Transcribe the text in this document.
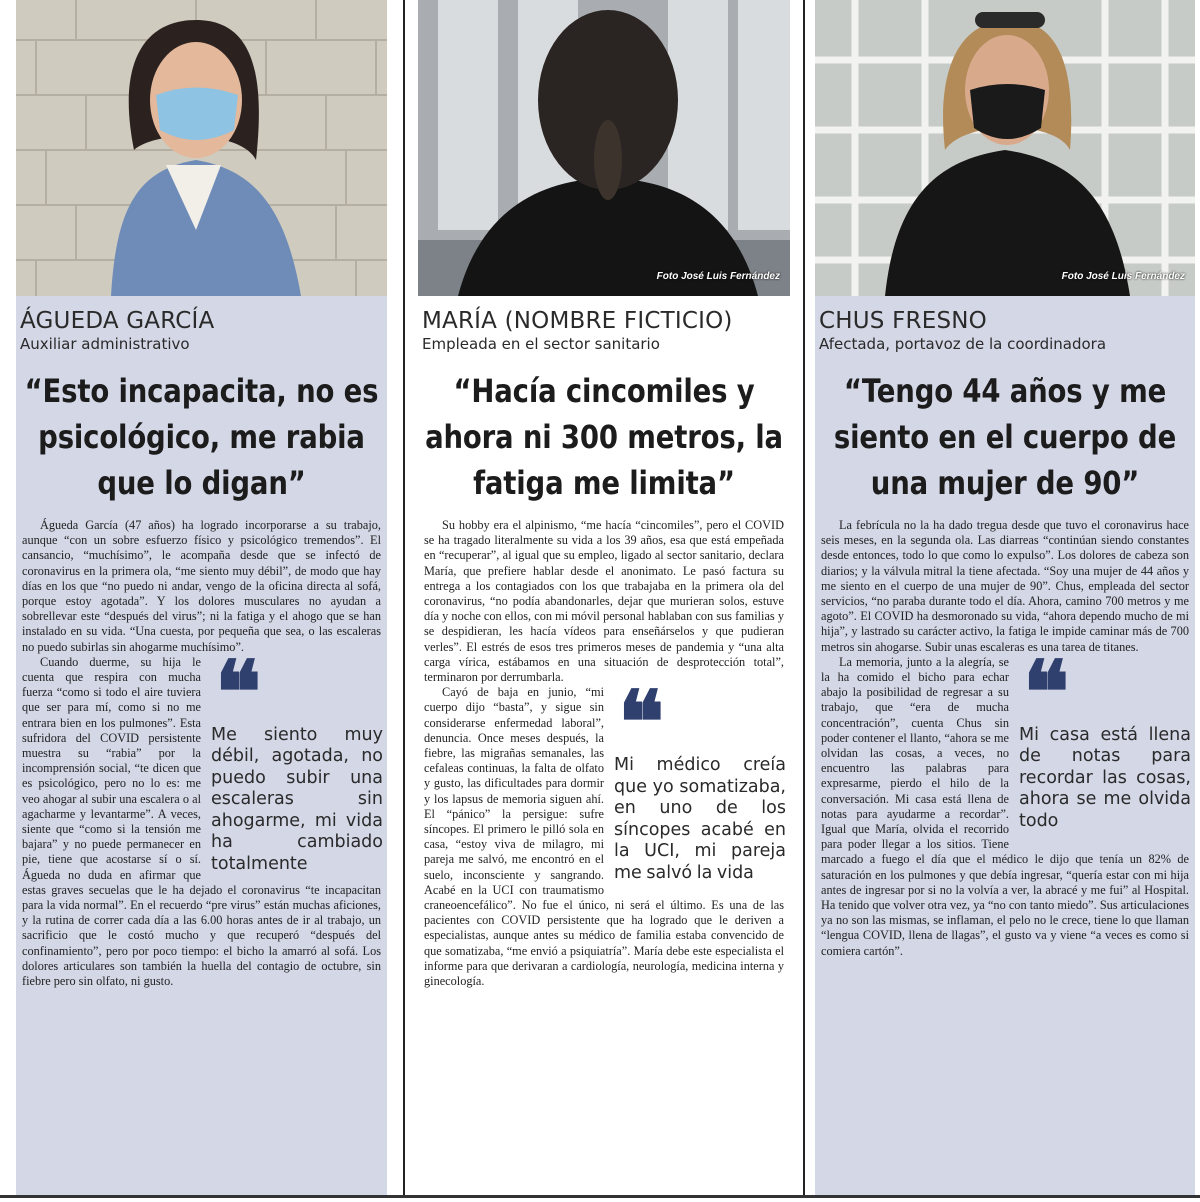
ÁGUEDA GARCÍA
Auxiliar administrativo
“Esto incapacita, no es psicológico, me rabia que lo digan”

Águeda García (47 años) ha logrado incorporarse a su trabajo, aunque “con un sobre esfuerzo físico y psicológico tremendos”. El cansancio, “muchísimo”, le acompaña desde que se infectó de coronavirus en la primera ola, “me siento muy débil”, de modo que hay días en los que “no puedo ni andar, vengo de la oficina directa al sofá, porque estoy agotada”. Y los dolores musculares no ayudan a sobrellevar este “después del virus”; ni la fatiga y el ahogo que se han instalado en su vida. “Una cuesta, por pequeña que sea, o las escaleras no puedo subirlas sin ahogarme muchísimo”.

❝
Me siento muy débil, agotada, no puedo subir una escaleras sin ahogarme, mi vida ha cambiado totalmente

Cuando duerme, su hija le cuenta que respira con mucha fuerza “como si todo el aire tuviera que ser para mí, como si no me entrara bien en los pulmones”. Esta sufridora del COVID persistente muestra su “rabia” por la incomprensión social, “te dicen que es psicológico, pero no lo es: me veo ahogar al subir una escalera o al agacharme y levantarme”. A veces, siente que “como si la tensión me bajara” y no puede permanecer en pie, tiene que acostarse sí o sí. Águeda no duda en afirmar que estas graves secuelas que le ha dejado el coronavirus “te incapacitan para la vida normal”. En el recuerdo “pre virus” están muchas aficiones, y la rutina de correr cada día a las 6.00 horas antes de ir al trabajo, un sacrificio que le costó mucho y que recuperó “después del confinamiento”, pero por poco tiempo: el bicho la amarró al sofá. Los dolores articulares son también la huella del contagio de octubre, sin fiebre pero sin olfato, ni gusto.

Foto José Luis Fernández
MARÍA (NOMBRE FICTICIO)
Empleada en el sector sanitario
“Hacía cincomiles y ahora ni 300 metros, la fatiga me limita”

Su hobby era el alpinismo, “me hacía “cincomiles”, pero el COVID se ha tragado literalmente su vida a los 39 años, esa que está empeñada en “recuperar”, al igual que su empleo, ligado al sector sanitario, declara María, que prefiere hablar desde el anonimato. Le pasó factura su entrega a los contagiados con los que trabajaba en la primera ola del coronavirus, “no podía abandonarles, dejar que murieran solos, estuve día y noche con ellos, con mi móvil personal hablaban con sus familias y se despidieran, les hacía vídeos para enseñárselos y que pudieran verles”. El estrés de esos tres primeros meses de pandemia y “una alta carga vírica, estábamos en una situación de desprotección total”, terminaron por derrumbarla. ❝
Mi médico creía que yo somatizaba, en uno de los síncopes acabé en la UCI, mi pareja me salvó la vida

Cayó de baja en junio, “mi cuerpo dijo “basta”, y sigue sin considerarse enfermedad laboral”, denuncia. Once meses después, la fiebre, las migrañas semanales, las cefaleas continuas, la falta de olfato y gusto, las dificultades para dormir y los lapsus de memoria siguen ahí. El “pánico” la persigue: sufre síncopes. El primero le pilló sola en casa, “estoy viva de milagro, mi pareja me salvó, me encontró en el suelo, inconsciente y sangrando. Acabé en la UCI con traumatismo craneoencefálico”. No fue el único, ni será el último. Es una de las pacientes con COVID persistente que ha logrado que le deriven a especialistas, aunque antes su médico de familia estaba convencido de que somatizaba, “me envió a psiquiatría”. María debe este especialista el informe para que derivaran a cardiología, neurología, medicina interna y ginecología.

Foto José Luis Fernández
CHUS FRESNO
Afectada, portavoz de la coordinadora
“Tengo 44 años y me siento en el cuerpo de una mujer de 90”

La febrícula no la ha dado tregua desde que tuvo el coronavirus hace seis meses, en la segunda ola. Las diarreas “continúan siendo constantes desde entonces, todo lo que como lo expulso”. Los dolores de cabeza son diarios; y la válvula mitral la tiene afectada. “Soy una mujer de 44 años y me siento en el cuerpo de una mujer de 90”. Chus, empleada del sector servicios, “no paraba durante todo el día. Ahora, camino 700 metros y me agoto”. El COVID ha desmoronado su vida, “ahora dependo mucho de mi hija”, y lastrado su carácter activo, la fatiga le impide caminar más de 700 metros sin ahogarse. Subir unas escaleras es una tarea de titanes.

❝
Mi casa está llena de notas para recordar las cosas, ahora se me olvida todo

La memoria, junto a la alegría, se la ha comido el bicho para echar abajo la posibilidad de regresar a su trabajo, que “era de mucha concentración”, cuenta Chus sin poder contener el llanto, “ahora se me olvidan las cosas, a veces, no encuentro las palabras para expresarme, pierdo el hilo de la conversación. Mi casa está llena de notas para ayudarme a recordar”. Igual que María, olvida el recorrido para poder llegar a los sitios. Tiene marcado a fuego el día que el médico le dijo que tenía un 82% de saturación en los pulmones y que debía ingresar, “quería estar con mi hija antes de ingresar por si no la volvía a ver, la abracé y me fui” al Hospital. Ha tenido que volver otra vez, ya “no con tanto miedo”. Sus articulaciones ya no son las mismas, se inflaman, el pelo no le crece, tiene lo que llaman “lengua COVID, llena de llagas”, el gusto va y viene “a veces es como si comiera cartón”.
